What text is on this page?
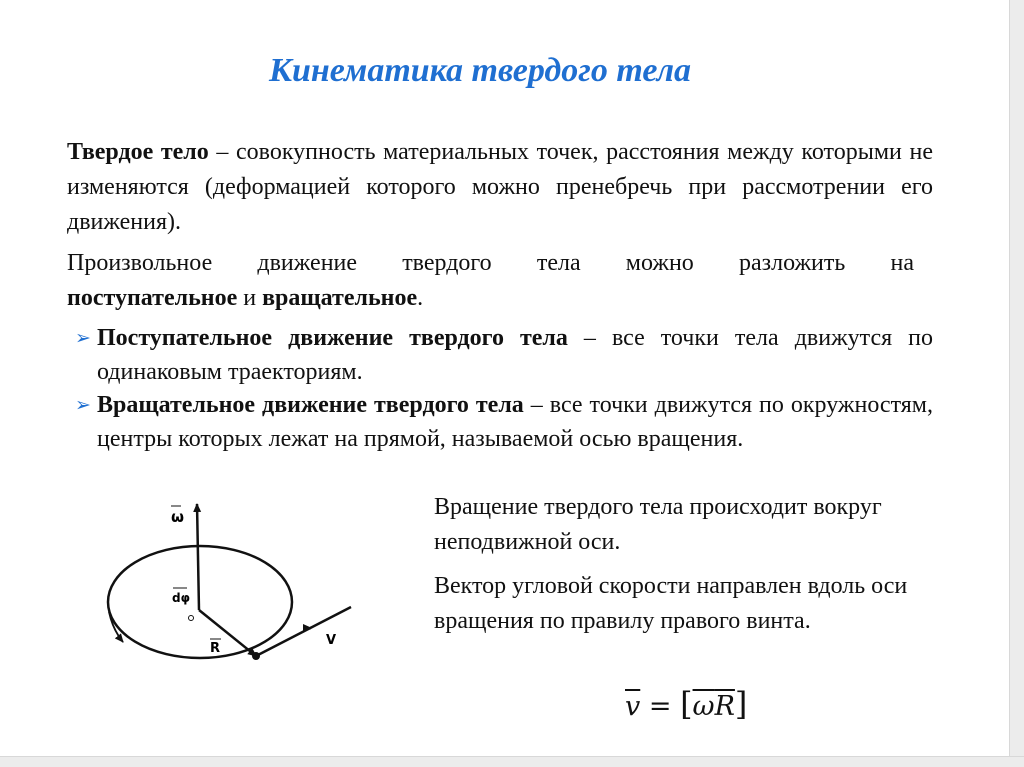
Кинематика твердого тела

Твердое тело – совокупность материальных точек, расстояния между которыми не изменяются (деформацией которого можно пренебречь при рассмотрении его движения).

Произвольное движение твердого тела можно разложить на
поступательное и вращательное.
➢ Поступательное движение твердого тела – все точки тела движутся по одинаковым траекториям.
➢ Вращательное движение твердого тела – все точки движутся по окружностям, центры которых лежат на прямой, называемой осью вращения.
ω
dφ
R
V

Вращение твердого тела происходит вокруг неподвижной оси.

Вектор угловой скорости направлен вдоль оси вращения по правилу правого винта.

$\overline{v} = [\overline{\omega}\overline{R}]$
